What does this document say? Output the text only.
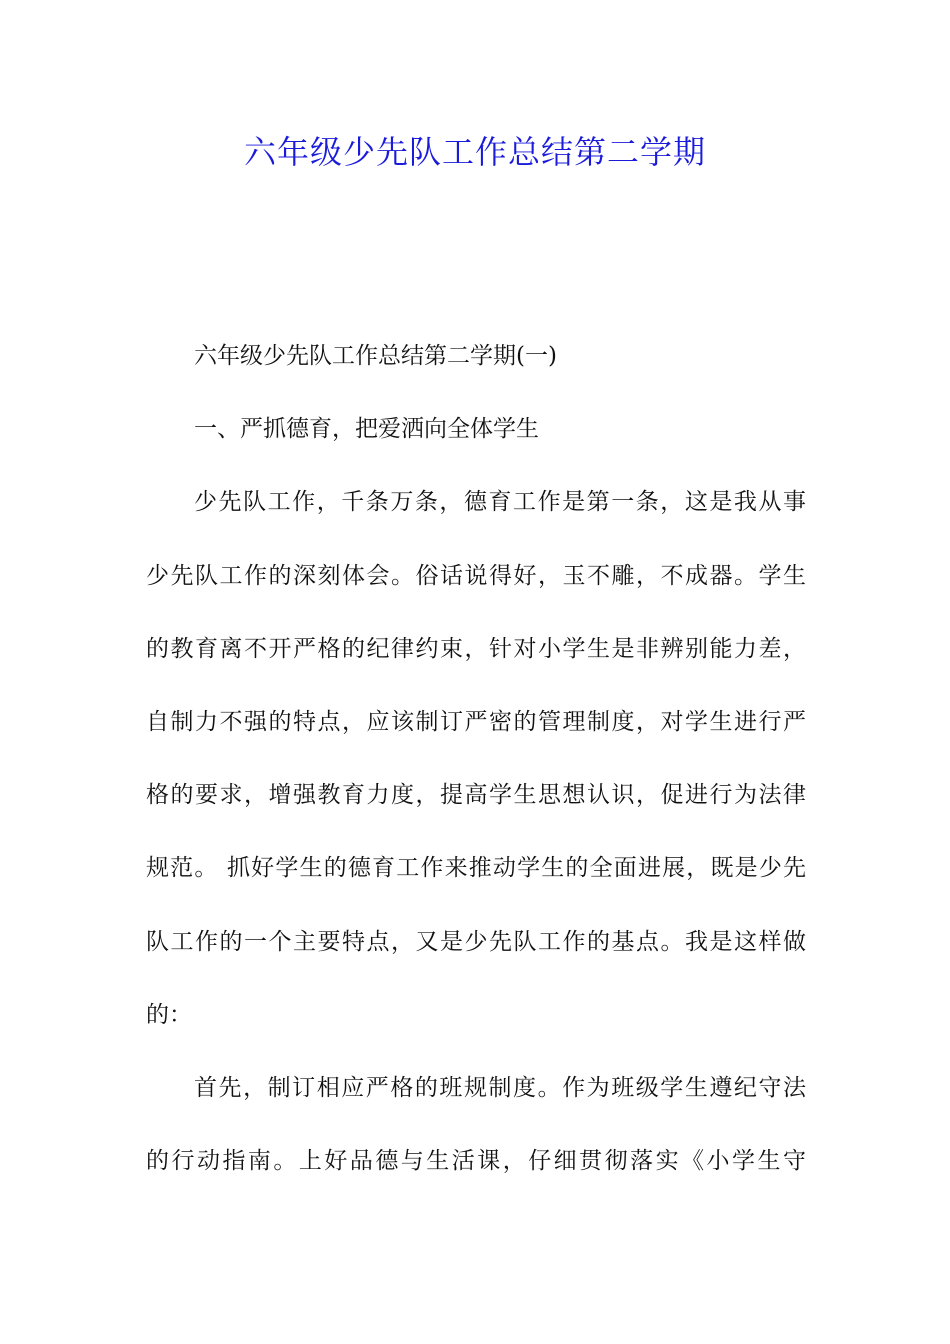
六年级少先队工作总结第二学期
六年级少先队工作总结第二学期(一)
一、严抓德育，把爱洒向全体学生
少先队工作，千条万条，德育工作是第一条，这是我从事
少先队工作的深刻体会。俗话说得好，玉不雕，不成器。学生
的教育离不开严格的纪律约束，针对小学生是非辨别能力差，
自制力不强的特点，应该制订严密的管理制度，对学生进行严
格的要求，增强教育力度，提高学生思想认识，促进行为法律
规范。 抓好学生的德育工作来推动学生的全面进展，既是少先
队工作的一个主要特点，又是少先队工作的基点。我是这样做
的：
首先，制订相应严格的班规制度。作为班级学生遵纪守法
的行动指南。上好品德与生活课，仔细贯彻落实《小学生守
